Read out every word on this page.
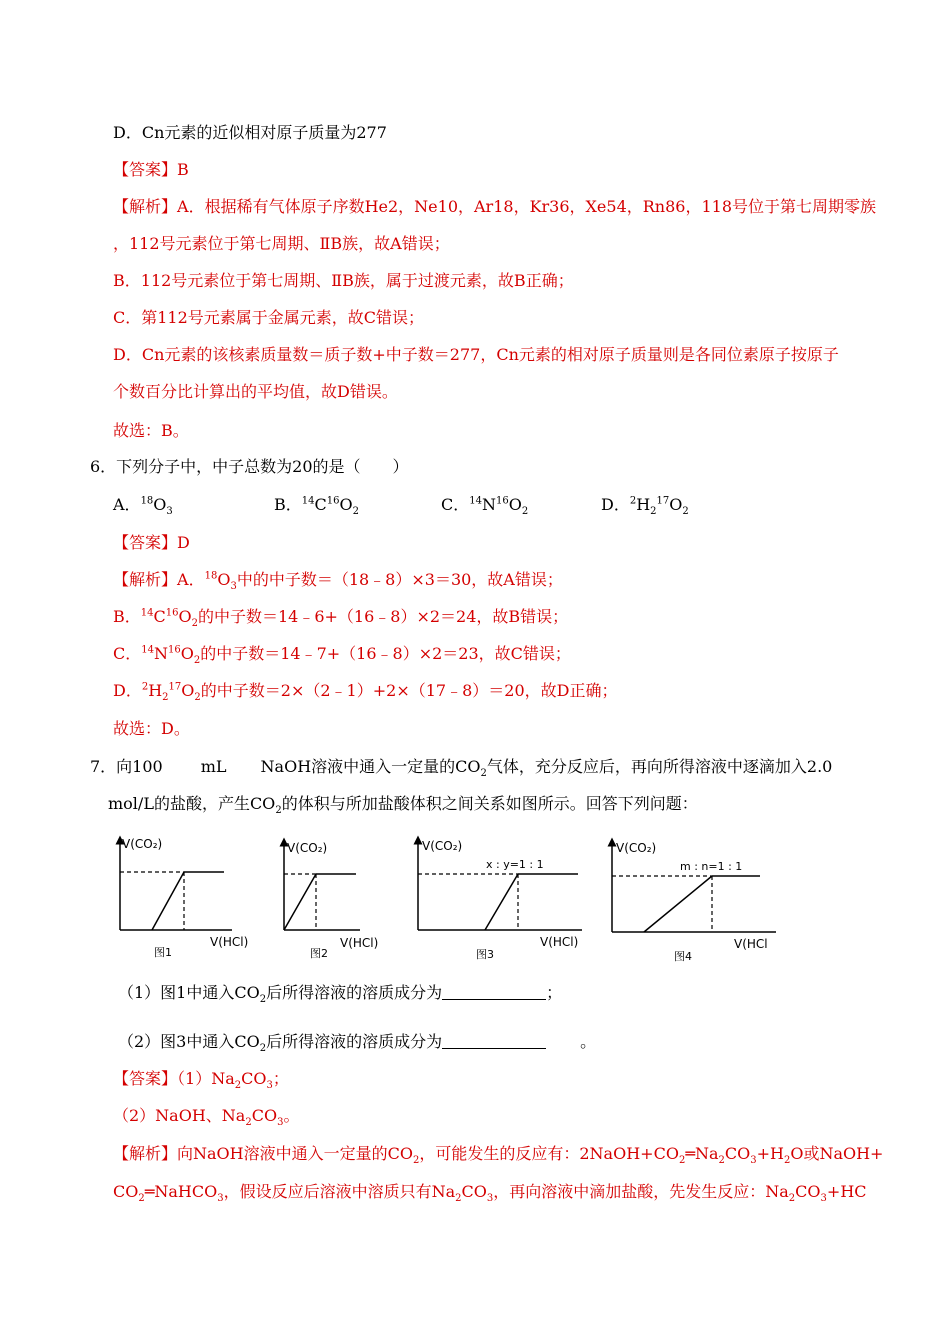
D．Cn元素的近似相对原子质量为277
【答案】B
【解析】A．根据稀有气体原子序数He2，Ne10，Ar18，Kr36，Xe54，Rn86，118号位于第七周期零族
，112号元素位于第七周期、ⅡB族，故A错误；
B．112号元素位于第七周期、ⅡB族，属于过渡元素，故B正确；
C．第112号元素属于金属元素，故C错误；
D．Cn元素的该核素质量数＝质子数+中子数＝277，Cn元素的相对原子质量则是各同位素原子按原子
个数百分比计算出的平均值，故D错误。
故选：B。
6．下列分子中，中子总数为20的是（　　）
A．$^{18}O_3$	B．$^{14}C^{16}O_2$	C．$^{14}N^{16}O_2$	D．$^2H_2^{17}O_2$
【答案】D
【解析】A．$^{18}O_3$中的中子数＝（18﹣8）×3＝30，故A错误；
B．$^{14}C^{16}O_2$的中子数＝14﹣6+（16﹣8）×2＝24，故B错误；
C．$^{14}N^{16}O_2$的中子数＝14﹣7+（16﹣8）×2＝23，故C错误；
D．$^2H_2^{17}O_2$的中子数＝2×（2﹣1）+2×（17﹣8）＝20，故D正确；
故选：D。
7．向100 mL NaOH溶液中通入一定量的$CO_2$气体，充分反应后，再向所得溶液中逐滴加入2.0
mol/L的盐酸，产生$CO_2$的体积与所加盐酸体积之间关系如图所示。回答下列问题：
V(CO₂)
V(HCl)
图1
V(CO₂)
V(HCl)
图2
V(CO₂)
x : y=1 : 1
V(HCl)
图3
V(CO₂)
m : n=1 : 1
V(HCl
图4
（1）图1中通入$CO_2$后所得溶液的溶质成分为	；
（2）图3中通入$CO_2$后所得溶液的溶质成分为	。
【答案】$(1)Na_2CO_3$；
（2）NaOH、$Na_2CO_3$。
【解析】向NaOH溶液中通入一定量的$CO_2$，可能发生的反应有：$2NaOH+CO_2═Na_2CO_3+H_2O$或NaOH+
$CO_2═NaHCO_3$，假设反应后溶液中溶质只有$Na_2CO_3$，再向溶液中滴加盐酸，先发生反应：$Na_2CO_3+HC$
